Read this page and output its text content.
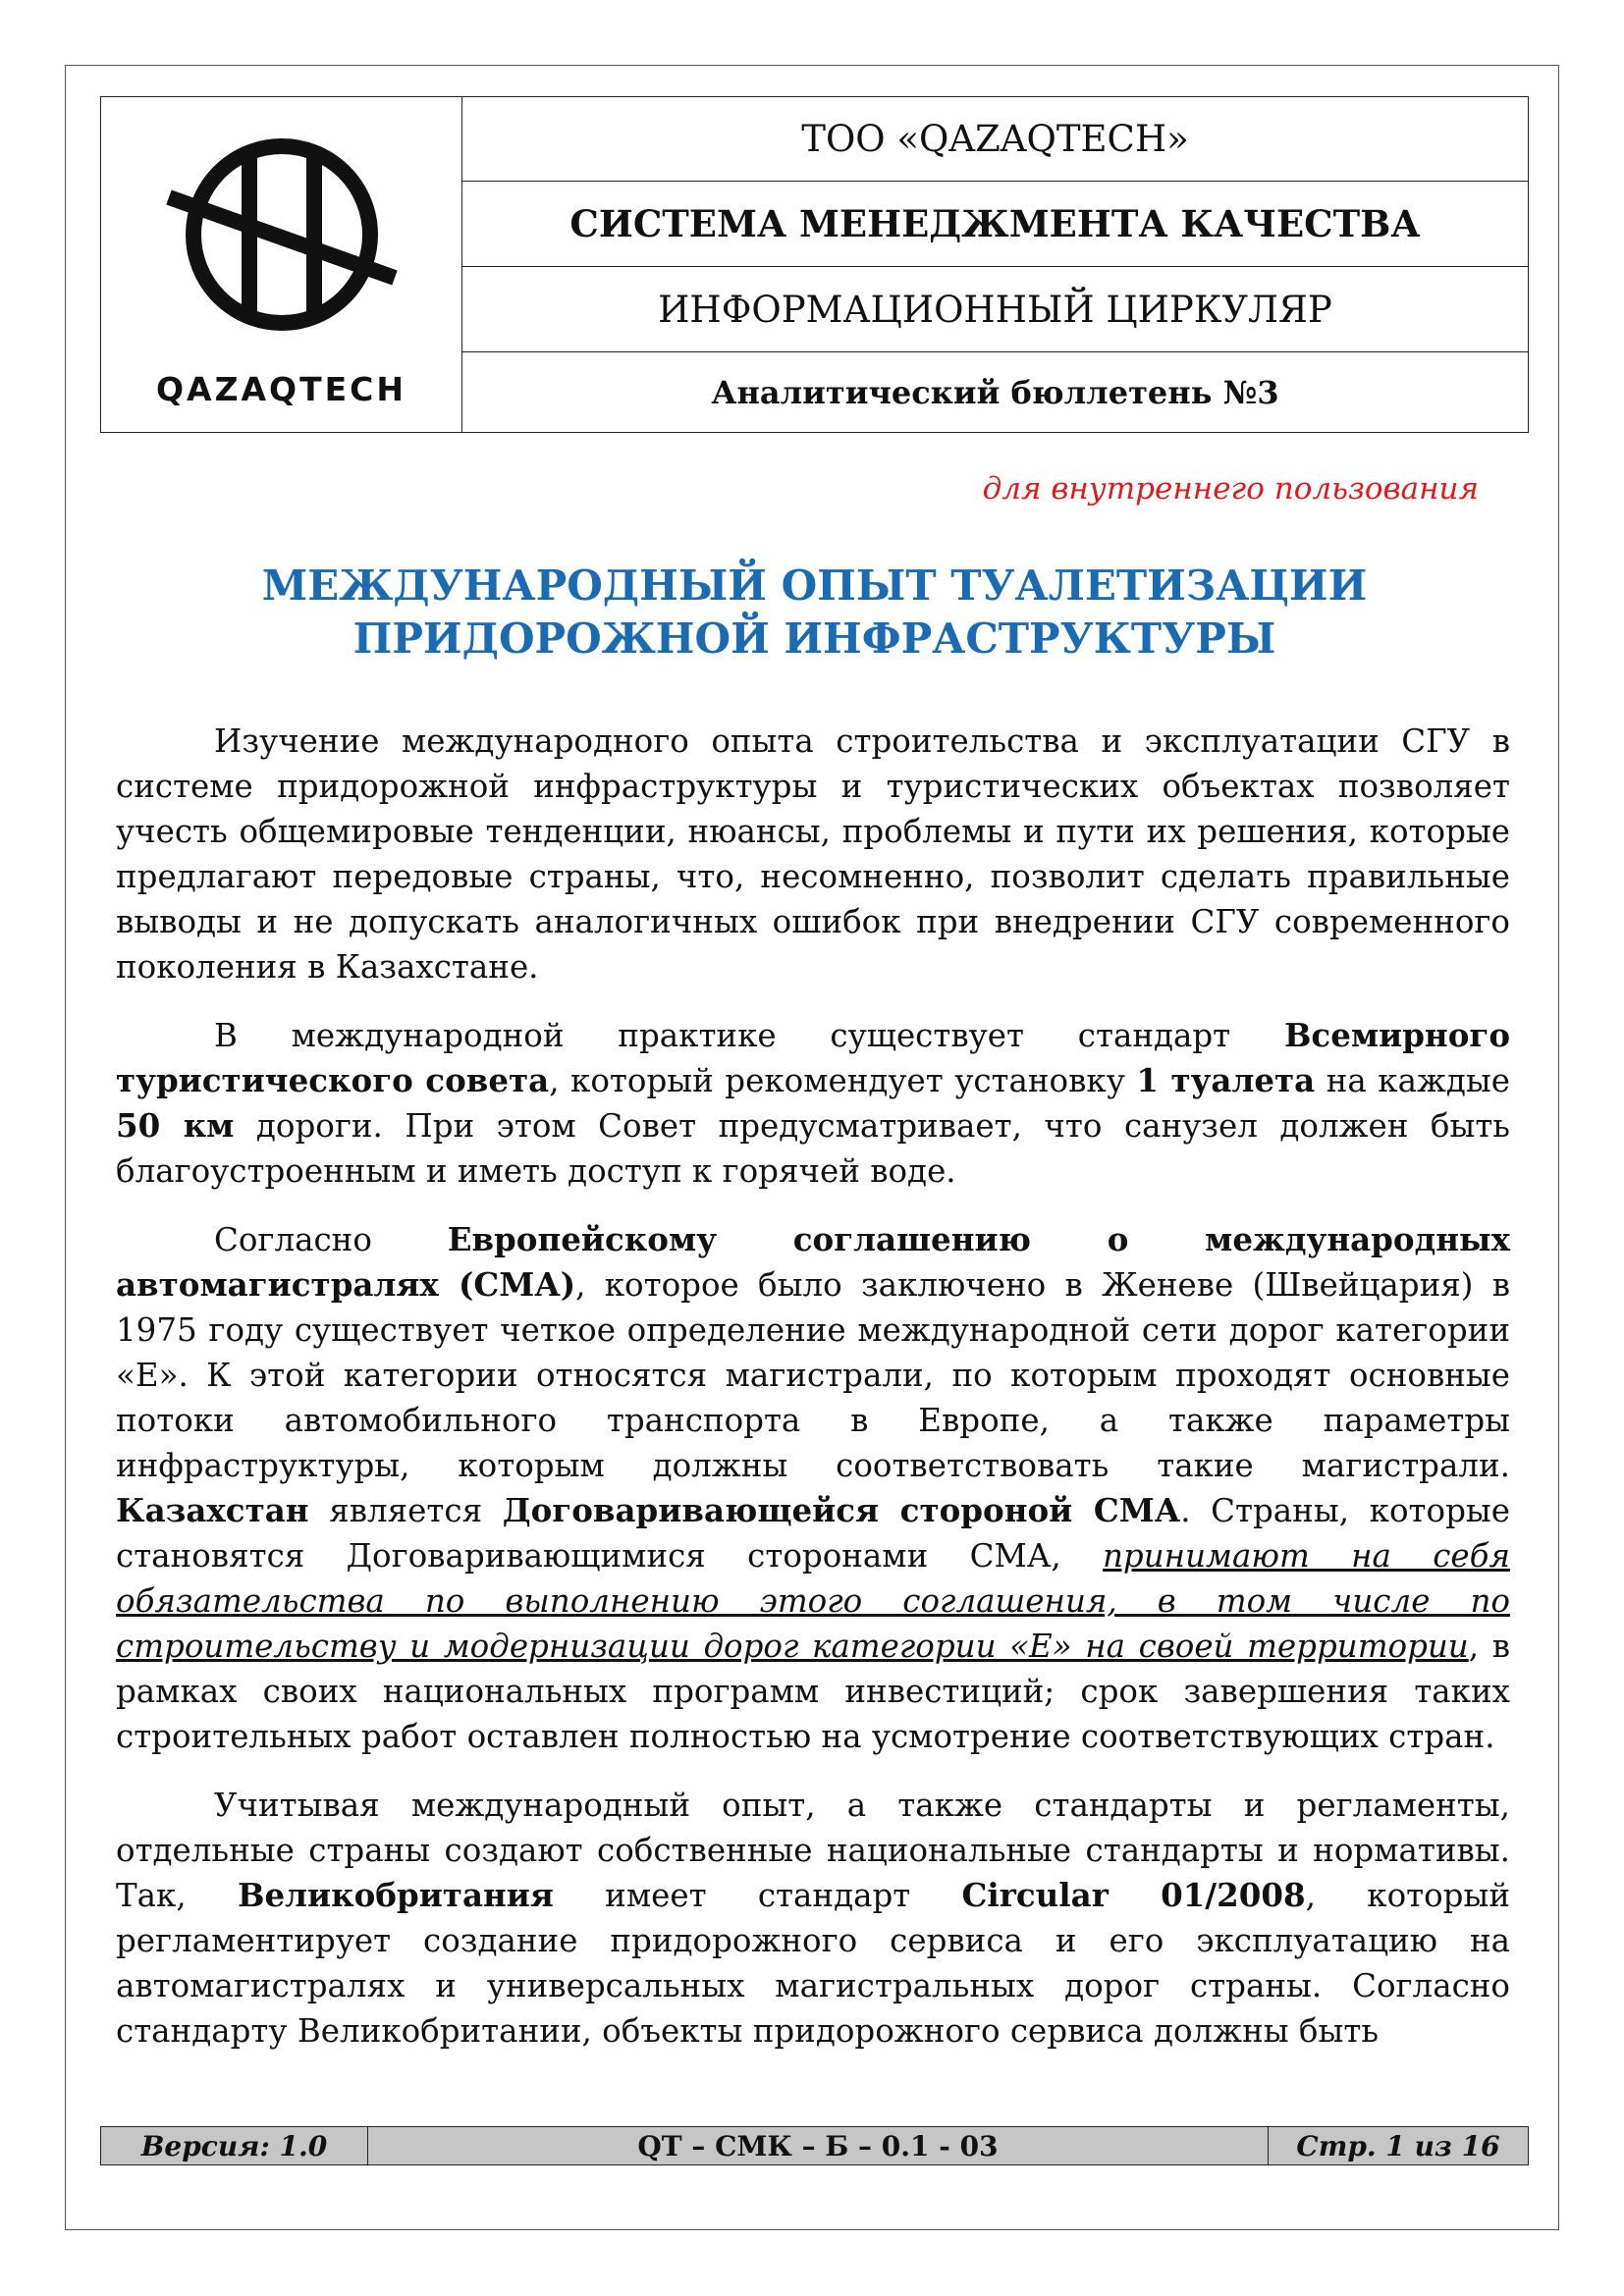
QAZAQTECH
ТОО «QAZAQTECH»
СИСТЕМА МЕНЕДЖМЕНТА КАЧЕСТВА
ИНФОРМАЦИОННЫЙ ЦИРКУЛЯР
Аналитический бюллетень №3
для внутреннего пользования
МЕЖДУНАРОДНЫЙ ОПЫТ ТУАЛЕТИЗАЦИИ
ПРИДОРОЖНОЙ ИНФРАСТРУКТУРЫ

Изучение международного опыта строительства и эксплуатации СГУ в системе придорожной инфраструктуры и туристических объектах позволяет учесть общемировые тенденции, нюансы, проблемы и пути их решения, которые предлагают передовые страны, что, несомненно, позволит сделать правильные выводы и не допускать аналогичных ошибок при внедрении СГУ современного поколения в Казахстане.

В международной практике существует стандарт Всемирного туристического совета, который рекомендует установку 1 туалета на каждые 50 км дороги. При этом Совет предусматривает, что санузел должен быть благоустроенным и иметь доступ к горячей воде.

Согласно Европейскому соглашению о международных автомагистралях (СМА), которое было заключено в Женеве (Швейцария) в 1975 году существует четкое определение международной сети дорог категории «Е». К этой категории относятся магистрали, по которым проходят основные потоки автомобильного транспорта в Европе, а также параметры инфраструктуры, которым должны соответствовать такие магистрали. Казахстан является Договаривающейся стороной СМА. Страны, которые становятся Договаривающимися сторонами СМА, принимают на себя обязательства по выполнению этого соглашения, в том числе по строительству и модернизации дорог категории «Е» на своей территории, в рамках своих национальных программ инвестиций; срок завершения таких строительных работ оставлен полностью на усмотрение соответствующих стран.

Учитывая международный опыт, а также стандарты и регламенты, отдельные страны создают собственные национальные стандарты и нормативы. Так, Великобритания имеет стандарт Circular 01/2008, который регламентирует создание придорожного сервиса и его эксплуатацию на автомагистралях и универсальных магистральных дорог страны. Согласно стандарту Великобритании, объекты придорожного сервиса должны быть

Версия: 1.0	QT – СМК – Б – 0.1 - 03	Стр. 1 из 16
